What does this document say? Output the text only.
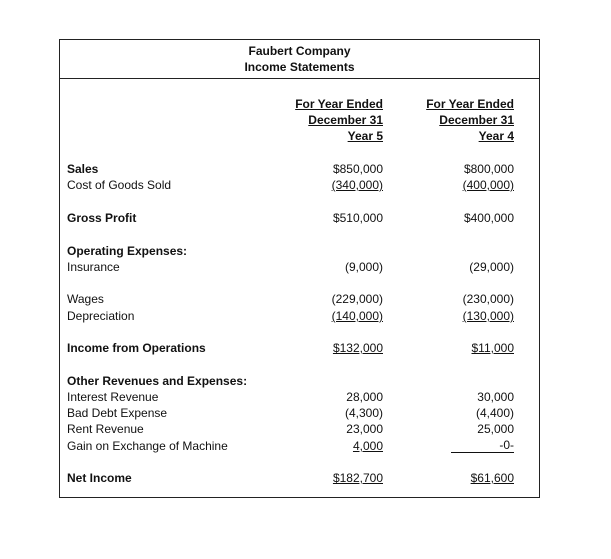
Faubert Company
Income Statements
For Year Ended
December 31
Year 5
For Year Ended
December 31
Year 4
Sales	$850,000	$800,000
Cost of Goods Sold	(340,000)	(400,000)
Gross Profit	$510,000	$400,000
Operating Expenses:
Insurance	(9,000)	(29,000)
Wages	(229,000)	(230,000)
Depreciation	(140,000)	(130,000)
Income from Operations	$132,000	$11,000
Other Revenues and Expenses:
Interest Revenue	28,000	30,000
Bad Debt Expense	(4,300)	(4,400)
Rent Revenue	23,000	25,000
Gain on Exchange of Machine	4,000	-0-
Net Income	$182,700	$61,600
